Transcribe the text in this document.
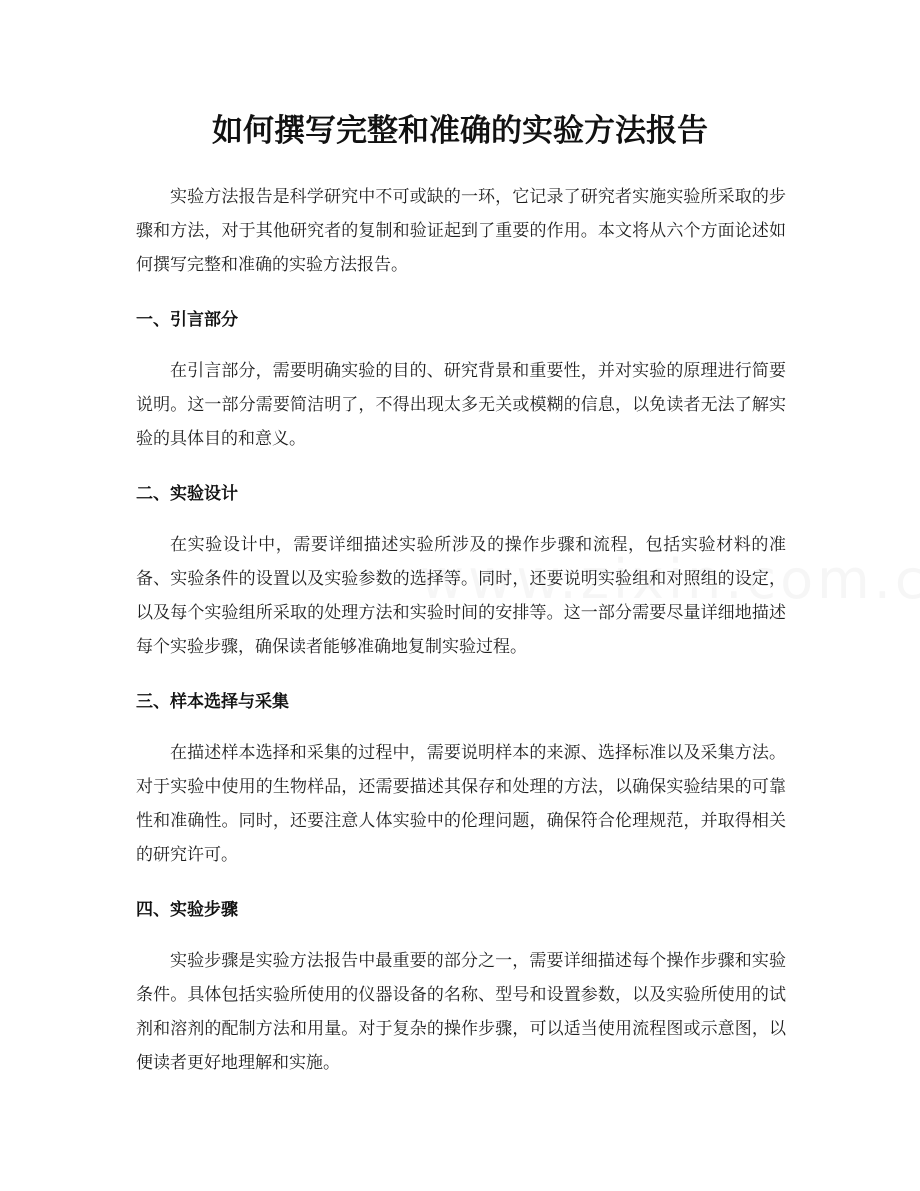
如何撰写完整和准确的实验方法报告

实验方法报告是科学研究中不可或缺的一环，它记录了研究者实施实验所采取的步骤和方法，对于其他研究者的复制和验证起到了重要的作用。本文将从六个方面论述如何撰写完整和准确的实验方法报告。

一、引言部分

在引言部分，需要明确实验的目的、研究背景和重要性，并对实验的原理进行简要说明。这一部分需要简洁明了，不得出现太多无关或模糊的信息，以免读者无法了解实验的具体目的和意义。

二、实验设计

在实验设计中，需要详细描述实验所涉及的操作步骤和流程，包括实验材料的准备、实验条件的设置以及实验参数的选择等。同时，还要说明实验组和对照组的设定，以及每个实验组所采取的处理方法和实验时间的安排等。这一部分需要尽量详细地描述每个实验步骤，确保读者能够准确地复制实验过程。

三、样本选择与采集

在描述样本选择和采集的过程中，需要说明样本的来源、选择标准以及采集方法。对于实验中使用的生物样品，还需要描述其保存和处理的方法，以确保实验结果的可靠性和准确性。同时，还要注意人体实验中的伦理问题，确保符合伦理规范，并取得相关的研究许可。

四、实验步骤

实验步骤是实验方法报告中最重要的部分之一，需要详细描述每个操作步骤和实验条件。具体包括实验所使用的仪器设备的名称、型号和设置参数，以及实验所使用的试剂和溶剂的配制方法和用量。对于复杂的操作步骤，可以适当使用流程图或示意图，以便读者更好地理解和实施。
